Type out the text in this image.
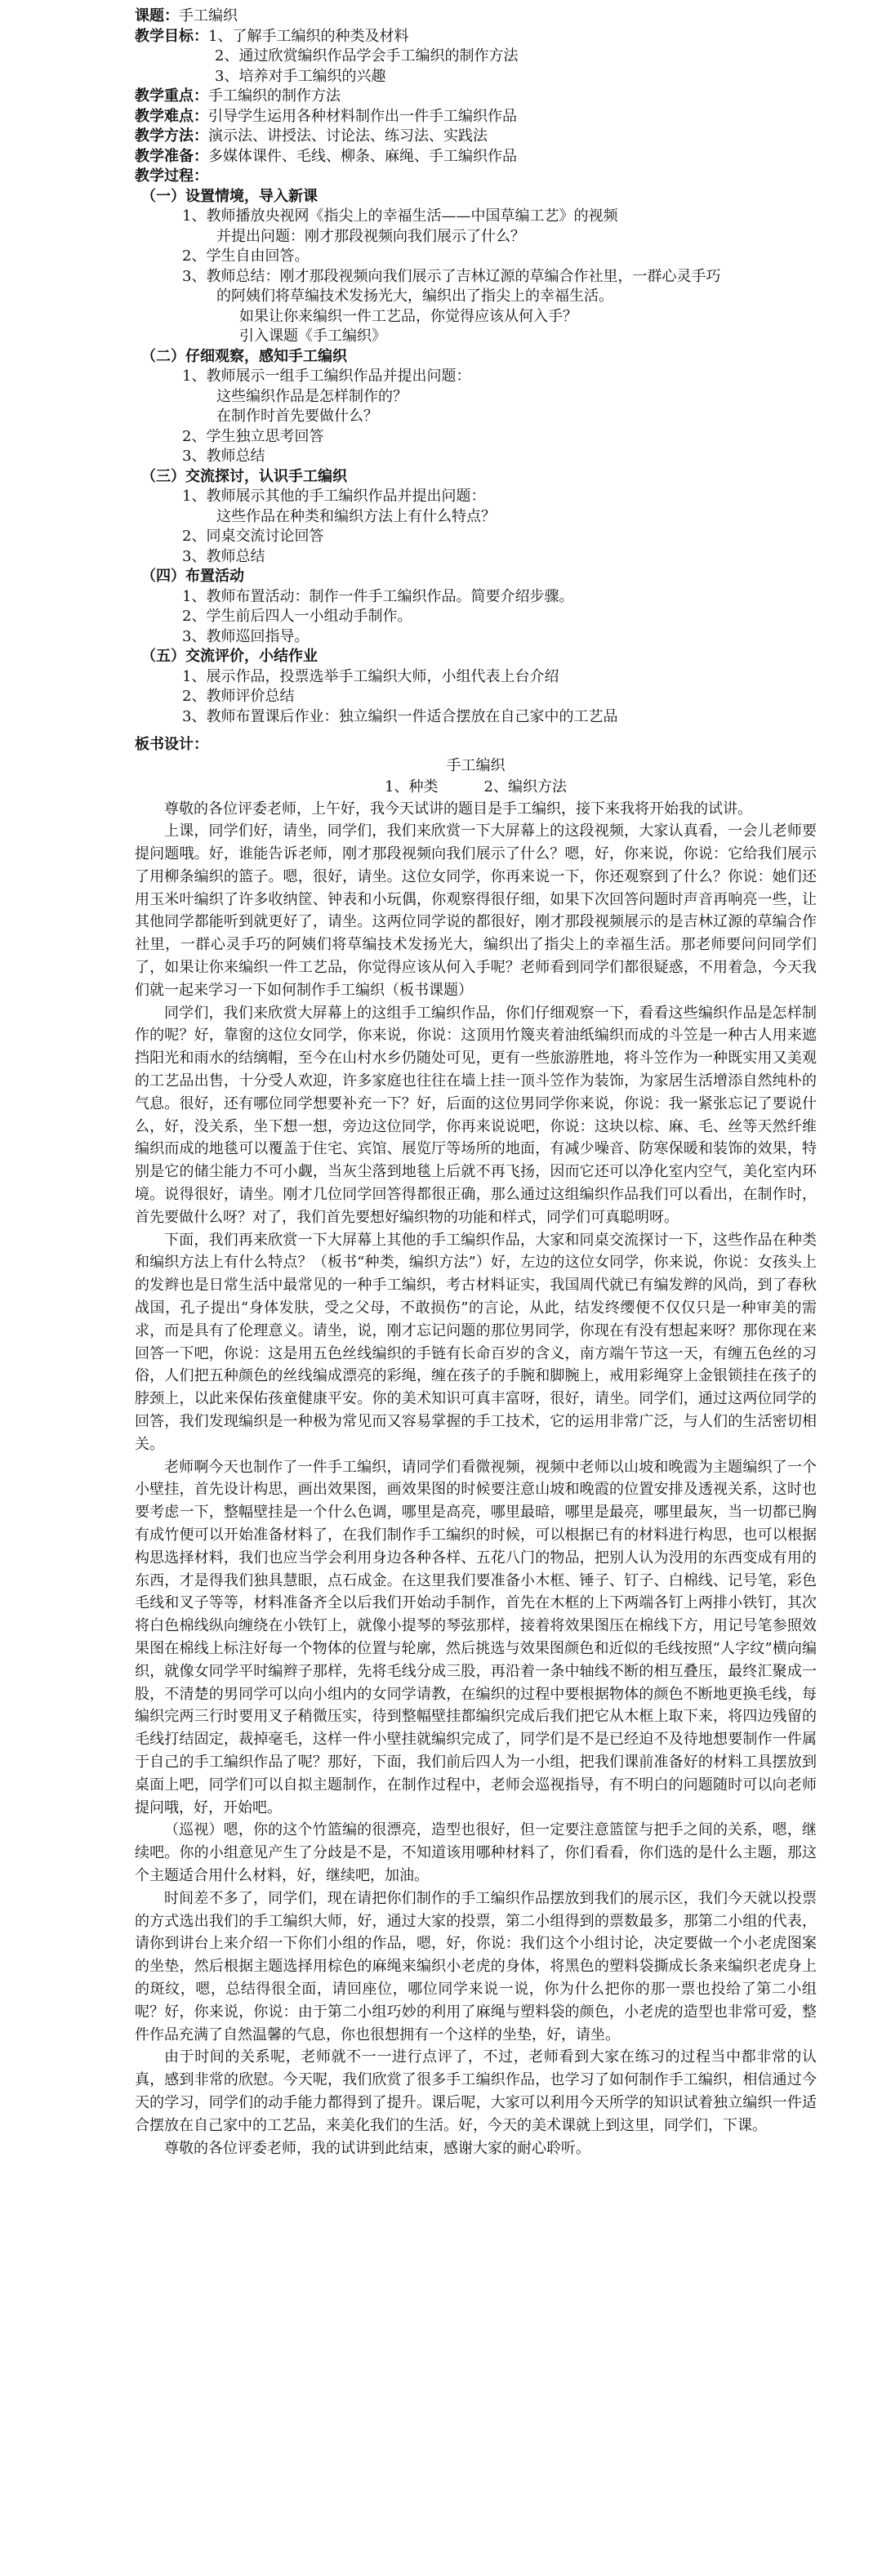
课题：手工编织

教学目标：1、了解手工编织的种类及材料

2、通过欣赏编织作品学会手工编织的制作方法

3、培养对手工编织的兴趣

教学重点：手工编织的制作方法

教学难点：引导学生运用各种材料制作出一件手工编织作品

教学方法：演示法、讲授法、讨论法、练习法、实践法

教学准备：多媒体课件、毛线、柳条、麻绳、手工编织作品

教学过程：

（一）设置情境，导入新课

1、教师播放央视网《指尖上的幸福生活——中国草编工艺》的视频

并提出问题：刚才那段视频向我们展示了什么？

2、学生自由回答。

3、教师总结：刚才那段视频向我们展示了吉林辽源的草编合作社里，一群心灵手巧

的阿姨们将草编技术发扬光大，编织出了指尖上的幸福生活。

如果让你来编织一件工艺品，你觉得应该从何入手？

引入课题《手工编织》

（二）仔细观察，感知手工编织

1、教师展示一组手工编织作品并提出问题：

这些编织作品是怎样制作的？

在制作时首先要做什么？

2、学生独立思考回答

3、教师总结

（三）交流探讨，认识手工编织

1、教师展示其他的手工编织作品并提出问题：

这些作品在种类和编织方法上有什么特点？

2、同桌交流讨论回答

3、教师总结

（四）布置活动

1、教师布置活动：制作一件手工编织作品。简要介绍步骤。

2、学生前后四人一小组动手制作。

3、教师巡回指导。

（五）交流评价，小结作业

1、展示作品，投票选举手工编织大师，小组代表上台介绍

2、教师评价总结

3、教师布置课后作业：独立编织一件适合摆放在自己家中的工艺品

板书设计：

手工编织

1、种类	2、编织方法

尊敬的各位评委老师，上午好，我今天试讲的题目是手工编织，接下来我将开始我的试讲。

上课，同学们好，请坐，同学们，我们来欣赏一下大屏幕上的这段视频，大家认真看，一会儿老师要提问题哦。好，谁能告诉老师，刚才那段视频向我们展示了什么？嗯，好，你来说，你说：它给我们展示了用柳条编织的篮子。嗯，很好，请坐。这位女同学，你再来说一下，你还观察到了什么？你说：她们还用玉米叶编织了许多收纳筐、钟表和小玩偶，你观察得很仔细，如果下次回答问题时声音再响亮一些，让其他同学都能听到就更好了，请坐。这两位同学说的都很好，刚才那段视频展示的是吉林辽源的草编合作社里，一群心灵手巧的阿姨们将草编技术发扬光大，编织出了指尖上的幸福生活。那老师要问问同学们了，如果让你来编织一件工艺品，你觉得应该从何入手呢？老师看到同学们都很疑惑，不用着急，今天我们就一起来学习一下如何制作手工编织（板书课题）

同学们，我们来欣赏大屏幕上的这组手工编织作品，你们仔细观察一下，看看这些编织作品是怎样制作的呢？好，靠窗的这位女同学，你来说，你说：这顶用竹篾夹着油纸编织而成的斗笠是一种古人用来遮挡阳光和雨水的结缡帽，至今在山村水乡仍随处可见，更有一些旅游胜地，将斗笠作为一种既实用又美观的工艺品出售，十分受人欢迎，许多家庭也往往在墙上挂一顶斗笠作为装饰，为家居生活增添自然纯朴的气息。很好，还有哪位同学想要补充一下？好，后面的这位男同学你来说，你说：我一紧张忘记了要说什么，好，没关系，坐下想一想，旁边这位同学，你再来说说吧，你说：这块以棕、麻、毛、丝等天然纤维编织而成的地毯可以覆盖于住宅、宾馆、展览厅等场所的地面，有减少噪音、防寒保暖和装饰的效果，特别是它的储尘能力不可小觑，当灰尘落到地毯上后就不再飞扬，因而它还可以净化室内空气，美化室内环境。说得很好，请坐。刚才几位同学回答得都很正确，那么通过这组编织作品我们可以看出，在制作时，首先要做什么呀？对了，我们首先要想好编织物的功能和样式，同学们可真聪明呀。

下面，我们再来欣赏一下大屏幕上其他的手工编织作品，大家和同桌交流探讨一下，这些作品在种类和编织方法上有什么特点？（板书“种类，编织方法”）好，左边的这位女同学，你来说，你说：女孩头上的发辫也是日常生活中最常见的一种手工编织，考古材料证实，我国周代就已有编发辫的风尚，到了春秋战国，孔子提出“身体发肤，受之父母，不敢损伤”的言论，从此，结发终缨便不仅仅只是一种审美的需求，而是具有了伦理意义。请坐，说，刚才忘记问题的那位男同学，你现在有没有想起来呀？那你现在来回答一下吧，你说：这是用五色丝线编织的手链有长命百岁的含义，南方端午节这一天，有缠五色丝的习俗，人们把五种颜色的丝线编成漂亮的彩绳，缠在孩子的手腕和脚腕上，戒用彩绳穿上金银锁挂在孩子的脖颈上，以此来保佑孩童健康平安。你的美术知识可真丰富呀，很好，请坐。同学们，通过这两位同学的回答，我们发现编织是一种极为常见而又容易掌握的手工技术，它的运用非常广泛，与人们的生活密切相关。

老师啊今天也制作了一件手工编织，请同学们看微视频，视频中老师以山坡和晚霞为主题编织了一个小壁挂，首先设计构思，画出效果图，画效果图的时候要注意山坡和晚霞的位置安排及透视关系，这时也要考虑一下，整幅壁挂是一个什么色调，哪里是高亮，哪里最暗，哪里是最亮，哪里最灰，当一切都已胸有成竹便可以开始准备材料了，在我们制作手工编织的时候，可以根据已有的材料进行构思，也可以根据构思选择材料，我们也应当学会利用身边各种各样、五花八门的物品，把别人认为没用的东西变成有用的东西，才是得我们独具慧眼，点石成金。在这里我们要准备小木框、锤子、钉子、白棉线、记号笔，彩色毛线和叉子等等，材料准备齐全以后我们开始动手制作，首先在木框的上下两端各钉上两排小铁钉，其次将白色棉线纵向缠绕在小铁钉上，就像小提琴的琴弦那样，接着将效果图压在棉线下方，用记号笔参照效果图在棉线上标注好每一个物体的位置与轮廓，然后挑选与效果图颜色和近似的毛线按照“人字纹”横向编织，就像女同学平时编辫子那样，先将毛线分成三股，再沿着一条中轴线不断的相互叠压，最终汇聚成一股，不清楚的男同学可以向小组内的女同学请教，在编织的过程中要根据物体的颜色不断地更换毛线，每编织完两三行时要用叉子稍微压实，待到整幅壁挂都编织完成后我们把它从木框上取下来，将四边残留的毛线打结固定，裁掉毫毛，这样一件小壁挂就编织完成了，同学们是不是已经迫不及待地想要制作一件属于自己的手工编织作品了呢？那好，下面，我们前后四人为一小组，把我们课前准备好的材料工具摆放到桌面上吧，同学们可以自拟主题制作，在制作过程中，老师会巡视指导，有不明白的问题随时可以向老师提问哦，好，开始吧。

（巡视）嗯，你的这个竹篮编的很漂亮，造型也很好，但一定要注意篮筐与把手之间的关系，嗯，继续吧。你的小组意见产生了分歧是不是，不知道该用哪种材料了，你们看看，你们选的是什么主题，那这个主题适合用什么材料，好，继续吧，加油。

时间差不多了，同学们，现在请把你们制作的手工编织作品摆放到我们的展示区，我们今天就以投票的方式选出我们的手工编织大师，好，通过大家的投票，第二小组得到的票数最多，那第二小组的代表，请你到讲台上来介绍一下你们小组的作品，嗯，好，你说：我们这个小组讨论，决定要做一个小老虎图案的坐垫，然后根据主题选择用棕色的麻绳来编织小老虎的身体，将黑色的塑料袋撕成长条来编织老虎身上的斑纹，嗯，总结得很全面，请回座位，哪位同学来说一说，你为什么把你的那一票也投给了第二小组呢？好，你来说，你说：由于第二小组巧妙的利用了麻绳与塑料袋的颜色，小老虎的造型也非常可爱，整件作品充满了自然温馨的气息，你也很想拥有一个这样的坐垫，好，请坐。

由于时间的关系呢，老师就不一一进行点评了，不过，老师看到大家在练习的过程当中都非常的认真，感到非常的欣慰。今天呢，我们欣赏了很多手工编织作品，也学习了如何制作手工编织，相信通过今天的学习，同学们的动手能力都得到了提升。课后呢，大家可以利用今天所学的知识试着独立编织一件适合摆放在自己家中的工艺品，来美化我们的生活。好，今天的美术课就上到这里，同学们，下课。

尊敬的各位评委老师，我的试讲到此结束，感谢大家的耐心聆听。
